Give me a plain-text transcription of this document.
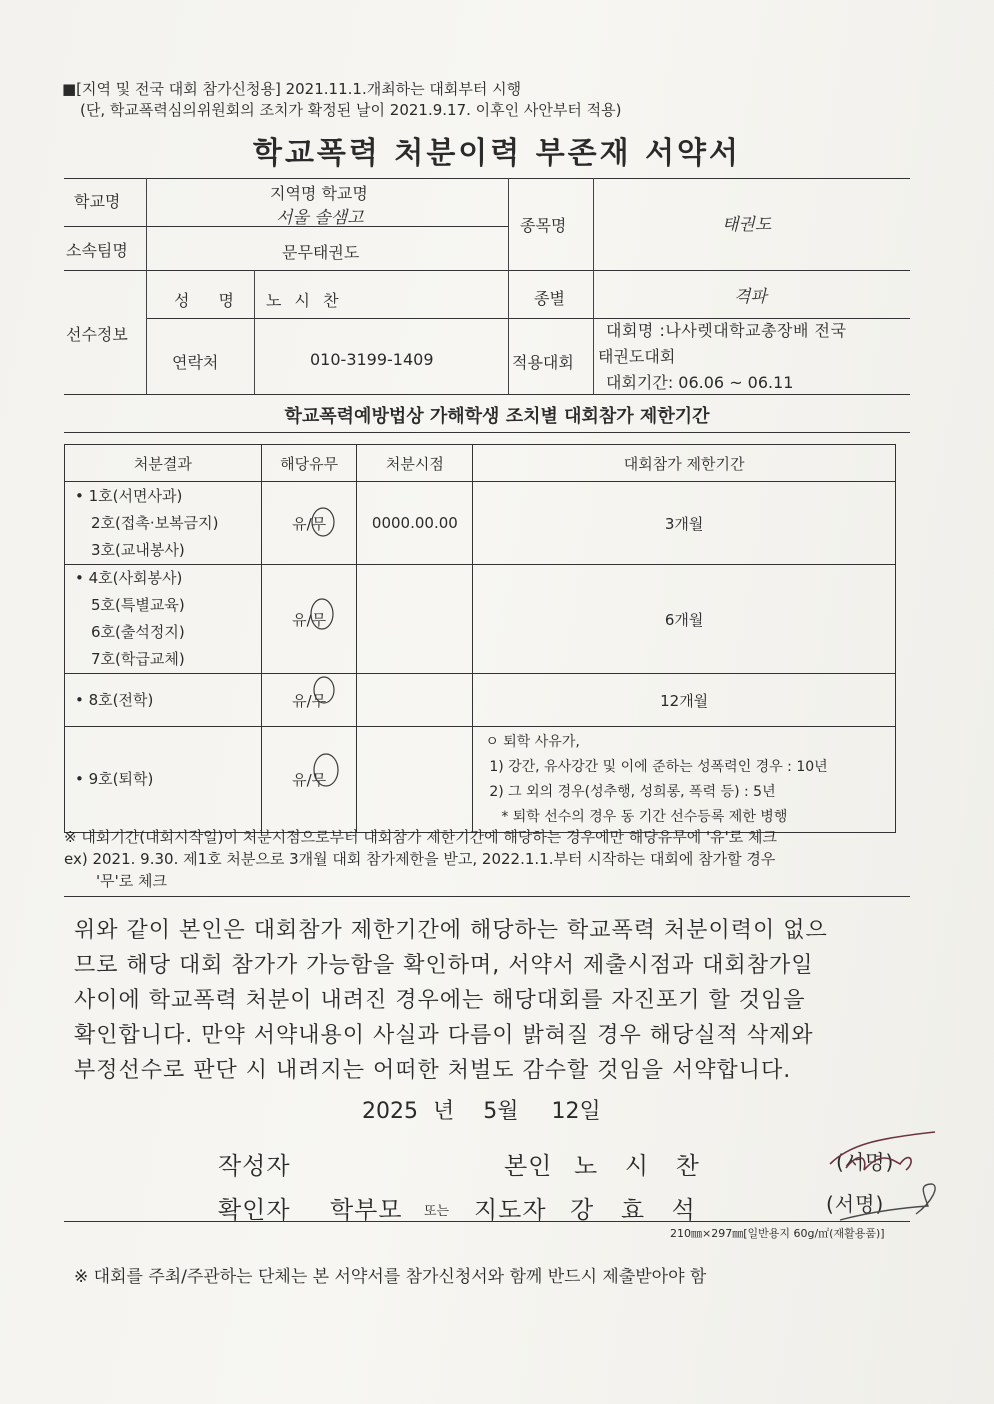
■[지역 및 전국 대회 참가신청용] 2021.11.1.개최하는 대회부터 시행
(단, 학교폭력심의위원회의 조치가 확정된 날이 2021.9.17. 이후인 사안부터 적용)
학교폭력 처분이력 부존재 서약서
학교명	지역명 학교명
서울 솔샘고
소속팀명	문무태권도
종목명	태권도
선수정보
성 명 노 시 찬	종별	격파
연락처	010-3199-1409	적용대회
대회명 :나사렛대학교총장배 전국
태권도대회
대회기간: 06.06 ~ 06.11
학교폭력예방법상 가해학생 조치별 대회참가 제한기간
처분결과	해당유무	처분시점	대회참가 제한기간

• 1호(서면사과)
2호(접촉·보복금지)
3호(교내봉사)	유/무	0000.00.00	3개월

• 4호(사회봉사)
5호(특별교육)
6호(출석정지)
7호(학급교체)	유/무		6개월

• 8호(전학)	유/무		12개월

• 9호(퇴학)	유/무		ㅇ 퇴학 사유가,
1) 강간, 유사강간 및 이에 준하는 성폭력인 경우 : 10년
2) 그 외의 경우(성추행, 성희롱, 폭력 등) : 5년
* 퇴학 선수의 경우 동 기간 선수등록 제한 병행
※ 대회기간(대회시작일)이 처분시점으로부터 대회참가 제한기간에 해당하는 경우에만 해당유무에 '유'로 체크
ex) 2021. 9.30. 제1호 처분으로 3개월 대회 참가제한을 받고, 2022.1.1.부터 시작하는 대회에 참가할 경우
'무'로 체크
위와 같이 본인은 대회참가 제한기간에 해당하는 학교폭력 처분이력이 없으
므로 해당 대회 참가가 가능함을 확인하며, 서약서 제출시점과 대회참가일
사이에 학교폭력 처분이 내려진 경우에는 해당대회를 자진포기 할 것임을
확인합니다. 만약 서약내용이 사실과 다름이 밝혀질 경우 해당실적 삭제와
부정선수로 판단 시 내려지는 어떠한 처벌도 감수할 것임을 서약합니다.
2025 년 5월 12일
작성자	본인 노 시 찬	(서명)
확인자 학부모 또는 지도자 강 효 석	(서명)
210㎜×297㎜[일반용지 60g/㎡(재활용품)]
※ 대회를 주최/주관하는 단체는 본 서약서를 참가신청서와 함께 반드시 제출받아야 함
